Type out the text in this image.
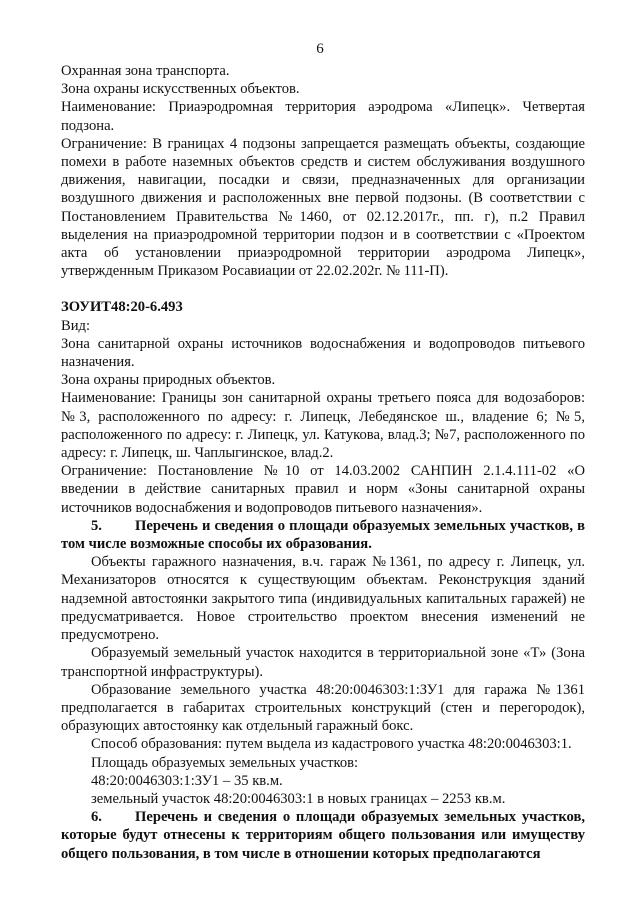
6

Охранная зона транспорта.

Зона охраны искусственных объектов.

Наименование: Приаэродромная территория аэродрома «Липецк». Четвертая подзона.

Ограничение: В границах 4 подзоны запрещается размещать объекты, создающие помехи в работе наземных объектов средств и систем обслуживания воздушного движения, навигации, посадки и связи, предназначенных для организации воздушного движения и расположенных вне первой подзоны. (В соответствии с Постановлением Правительства №1460, от 02.12.2017г., пп. г), п.2 Правил выделения на приаэродромной территории подзон и в соответствии с «Проектом акта об установлении приаэродромной территории аэродрома Липецк», утвержденным Приказом Росавиации от 22.02.202г. № 111-П).

ЗОУИТ48:20-6.493

Вид:

Зона санитарной охраны источников водоснабжения и водопроводов питьевого назначения.

Зона охраны природных объектов.

Наименование: Границы зон санитарной охраны третьего пояса для водозаборов: №3, расположенного по адресу: г. Липецк, Лебедянское ш., владение 6; №5, расположенного по адресу: г. Липецк, ул. Катукова, влад.3; №7, расположенного по адресу: г. Липецк, ш. Чаплыгинское, влад.2.

Ограничение: Постановление №10 от 14.03.2002 САНПИН 2.1.4.111-02 «О введении в действие санитарных правил и норм «Зоны санитарной охраны источников водоснабжения и водопроводов питьевого назначения».

5. Перечень и сведения о площади образуемых земельных участков, в том числе возможные способы их образования.

Объекты гаражного назначения, в.ч. гараж №1361, по адресу г. Липецк, ул. Механизаторов относятся к существующим объектам. Реконструкция зданий надземной автостоянки закрытого типа (индивидуальных капитальных гаражей) не предусматривается. Новое строительство проектом внесения изменений не предусмотрено.

Образуемый земельный участок находится в территориальной зоне «Т» (Зона транспортной инфраструктуры).

Образование земельного участка 48:20:0046303:1:ЗУ1 для гаража №1361 предполагается в габаритах строительных конструкций (стен и перегородок), образующих автостоянку как отдельный гаражный бокс.

Способ образования: путем выдела из кадастрового участка 48:20:0046303:1.

Площадь образуемых земельных участков:

48:20:0046303:1:ЗУ1 – 35 кв.м.

земельный участок 48:20:0046303:1 в новых границах – 2253 кв.м.

6. Перечень и сведения о площади образуемых земельных участков, которые будут отнесены к территориям общего пользования или имуществу общего пользования, в том числе в отношении которых предполагаются
